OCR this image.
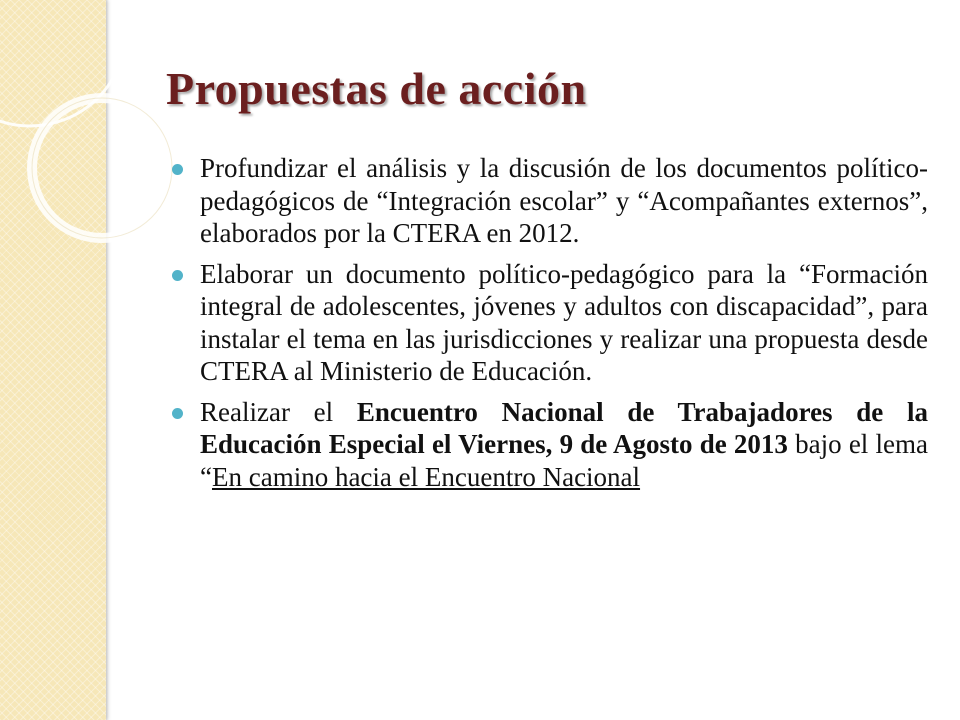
Propuestas de acción

Profundizar el análisis y la discusión de los documentos político-pedagógicos de “Integración escolar” y “Acompañantes externos”, elaborados por la CTERA en 2012.

Elaborar un documento político-pedagógico para la “Formación integral de adolescentes, jóvenes y adultos con discapacidad”, para instalar el tema en las jurisdicciones y realizar una propuesta desde CTERA al Ministerio de Educación.

Realizar el Encuentro Nacional de Trabajadores de la Educación Especial el Viernes, 9 de Agosto de 2013 bajo el lema “En camino hacia el Encuentro Nacional
